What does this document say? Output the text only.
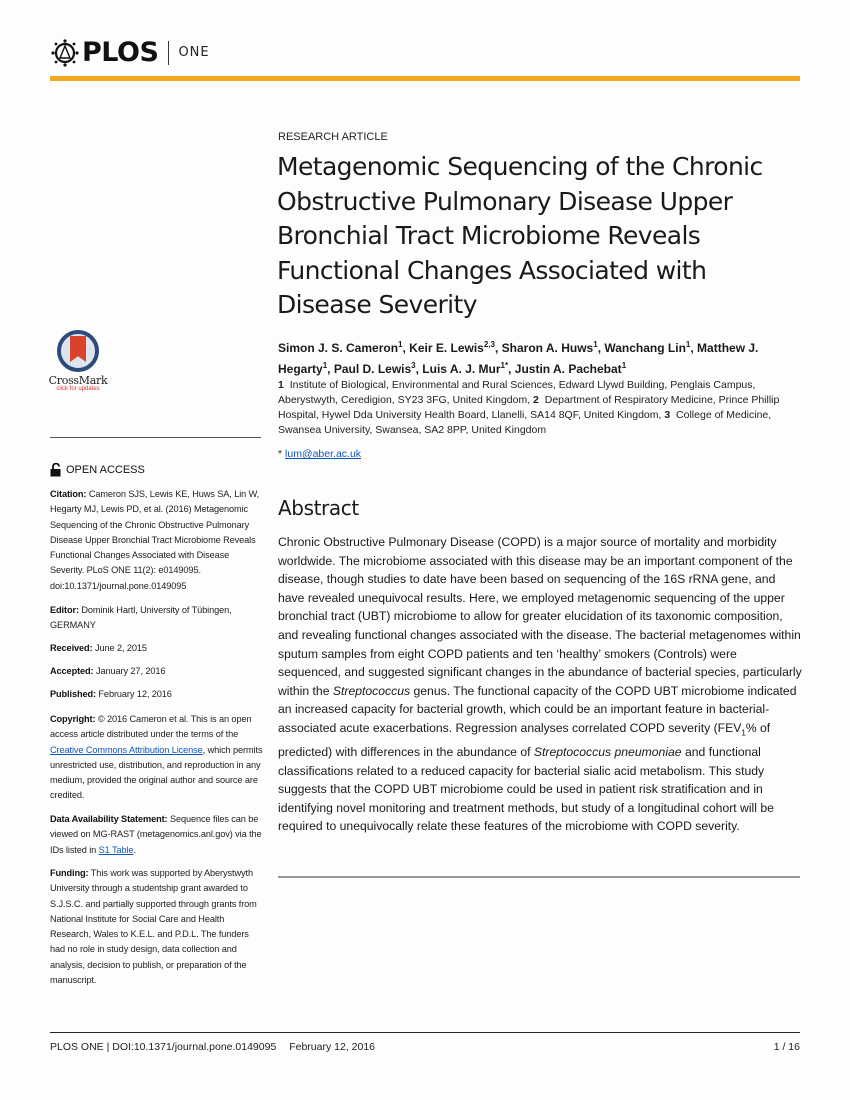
PLOS ONE
CrossMark
click for updates
OPEN ACCESS
Citation: Cameron SJS, Lewis KE, Huws SA, Lin W, Hegarty MJ, Lewis PD, et al. (2016) Metagenomic Sequencing of the Chronic Obstructive Pulmonary Disease Upper Bronchial Tract Microbiome Reveals Functional Changes Associated with Disease Severity. PLoS ONE 11(2): e0149095. doi:10.1371/journal.pone.0149095
Editor: Dominik Hartl, University of Tübingen, GERMANY
Received: June 2, 2015
Accepted: January 27, 2016
Published: February 12, 2016
Copyright: © 2016 Cameron et al. This is an open access article distributed under the terms of the Creative Commons Attribution License, which permits unrestricted use, distribution, and reproduction in any medium, provided the original author and source are credited.
Data Availability Statement: Sequence files can be viewed on MG-RAST (metagenomics.anl.gov) via the IDs listed in S1 Table.
Funding: This work was supported by Aberystwyth University through a studentship grant awarded to S.J.S.C. and partially supported through grants from National Institute for Social Care and Health Research, Wales to K.E.L. and P.D.L. The funders had no role in study design, data collection and analysis, decision to publish, or preparation of the manuscript.
RESEARCH ARTICLE
Metagenomic Sequencing of the Chronic Obstructive Pulmonary Disease Upper Bronchial Tract Microbiome Reveals Functional Changes Associated with Disease Severity
Simon J. S. Cameron$^1$, Keir E. Lewis$^{2,3}$, Sharon A. Huws$^1$, Wanchang Lin$^1$, Matthew J. Hegarty$^1$, Paul D. Lewis$^3$, Luis A. J. Mur$^{1*}$, Justin A. Pachebat$^1$
1 Institute of Biological, Environmental and Rural Sciences, Edward Llywd Building, Penglais Campus, Aberystwyth, Ceredigion, SY23 3FG, United Kingdom, 2 Department of Respiratory Medicine, Prince Phillip Hospital, Hywel Dda University Health Board, Llanelli, SA14 8QF, United Kingdom, 3 College of Medicine, Swansea University, Swansea, SA2 8PP, United Kingdom
* lum@aber.ac.uk
Abstract
Chronic Obstructive Pulmonary Disease (COPD) is a major source of mortality and morbidity worldwide. The microbiome associated with this disease may be an important component of the disease, though studies to date have been based on sequencing of the 16S rRNA gene, and have revealed unequivocal results. Here, we employed metagenomic sequencing of the upper bronchial tract (UBT) microbiome to allow for greater elucidation of its taxonomic composition, and revealing functional changes associated with the disease. The bacterial metagenomes within sputum samples from eight COPD patients and ten ‘healthy’ smokers (Controls) were sequenced, and suggested significant changes in the abundance of bacterial species, particularly within the Streptococcus genus. The functional capacity of the COPD UBT microbiome indicated an increased capacity for bacterial growth, which could be an important feature in bacterial-associated acute exacerbations. Regression analyses correlated COPD severity ($FEV_1\%$ of predicted) with differences in the abundance of Streptococcus pneumoniae and functional classifications related to a reduced capacity for bacterial sialic acid metabolism. This study suggests that the COPD UBT microbiome could be used in patient risk stratification and in identifying novel monitoring and treatment methods, but study of a longitudinal cohort will be required to unequivocally relate these features of the microbiome with COPD severity.
PLOS ONE | DOI:10.1371/journal.pone.0149095 February 12, 2016	1 / 16
